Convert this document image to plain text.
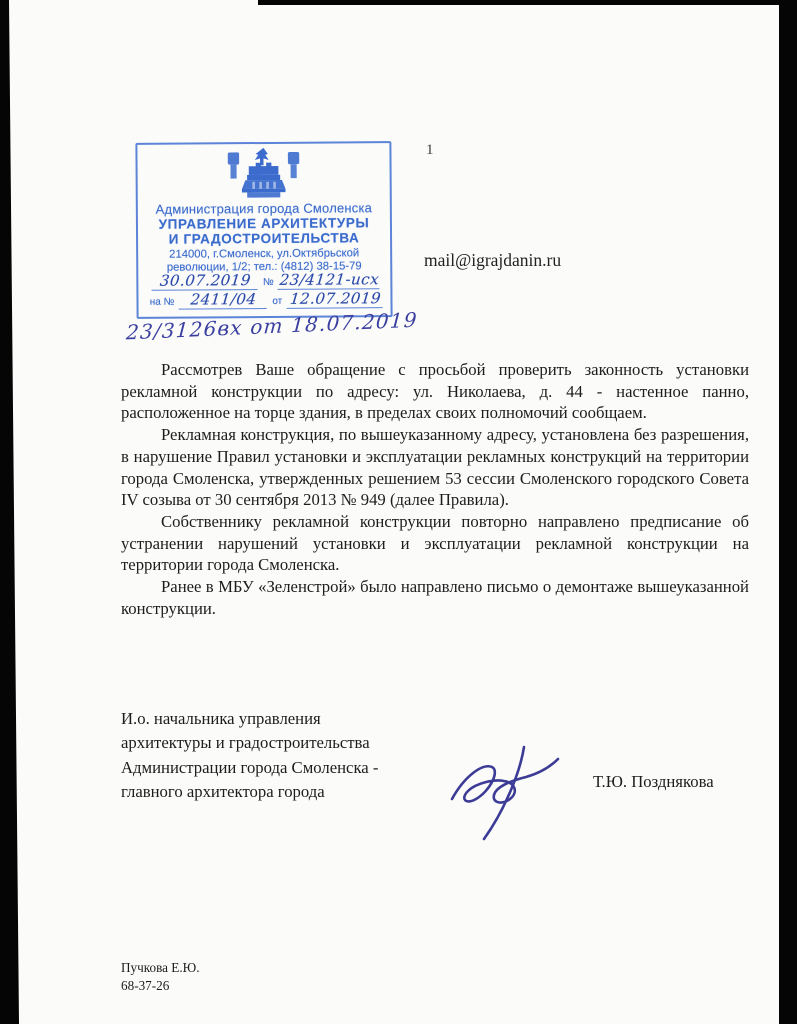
1
Администрация города Смоленска
УПРАВЛЕНИЕ АРХИТЕКТУРЫ
И ГРАДОСТРОИТЕЛЬСТВА
214000, г.Смоленск, ул.Октябрьской
революции, 1/2; тел.: (4812) 38-15-79
30.07.2019	№ 23/4121-исх
на №	2411/04	от 12.07.2019
23/3126вх от 18.07.2019
mail@igrajdanin.ru

Рассмотрев Ваше обращение с просьбой проверить законность установки рекламной конструкции по адресу: ул. Николаева, д. 44 - настенное панно, расположенное на торце здания, в пределах своих полномочий сообщаем.

Рекламная конструкция, по вышеуказанному адресу, установлена без разрешения, в нарушение Правил установки и эксплуатации рекламных конструкций на территории города Смоленска, утвержденных решением 53 сессии Смоленского городского Совета IV созыва от 30 сентября 2013 № 949 (далее Правила).

Собственнику рекламной конструкции повторно направлено предписание об устранении нарушений установки и эксплуатации рекламной конструкции на территории города Смоленска.

Ранее в МБУ «Зеленстрой» было направлено письмо о демонтаже вышеуказанной конструкции.

И.о. начальника управления
архитектуры и градостроительства
Администрации города Смоленска -
главного архитектора города
Т.Ю. Позднякова
Пучкова Е.Ю.
68-37-26
